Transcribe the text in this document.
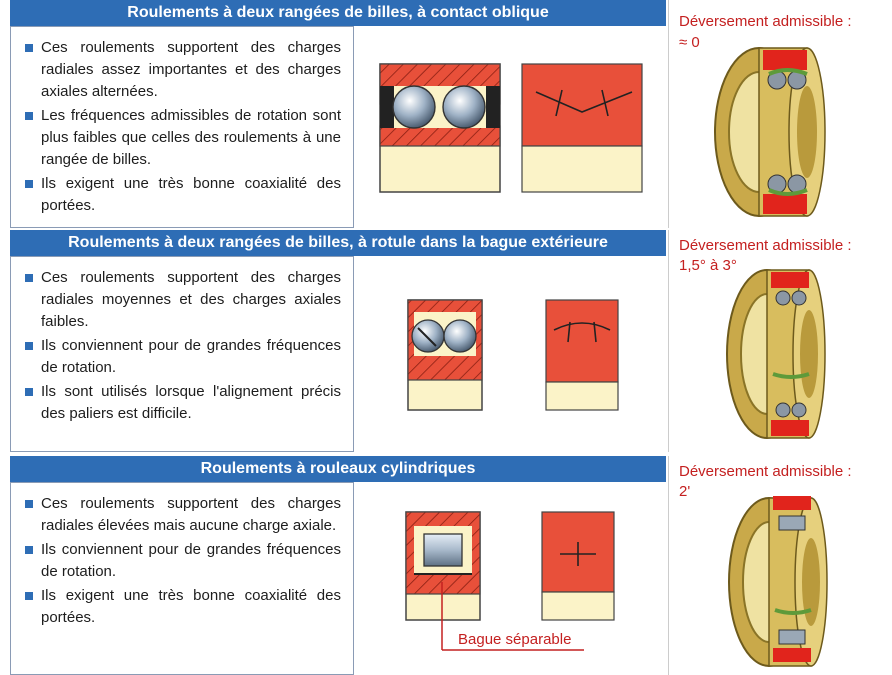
Roulements à deux rangées de billes, à contact oblique
Ces roulements supportent des charges radiales assez importantes et des charges axiales alternées.
Les fréquences admissibles de rotation sont plus faibles que celles des roulements à une rangée de billes.
Ils exigent une très bonne coaxialité des portées.
Déversement admissible :
≈ 0
Roulements à deux rangées de billes, à rotule dans la bague extérieure
Ces roulements supportent des charges radiales moyennes et des charges axiales faibles.
Ils conviennent pour de grandes fréquences de rotation.
Ils sont utilisés lorsque l'alignement précis des paliers est difficile.
Déversement admissible :
1,5° à 3°
Roulements à rouleaux cylindriques
Ces roulements supportent des charges radiales élevées mais aucune charge axiale.
Ils conviennent pour de grandes fréquences de rotation.
Ils exigent une très bonne coaxialité des portées.
Bague séparable
Déversement admissible :
2'
